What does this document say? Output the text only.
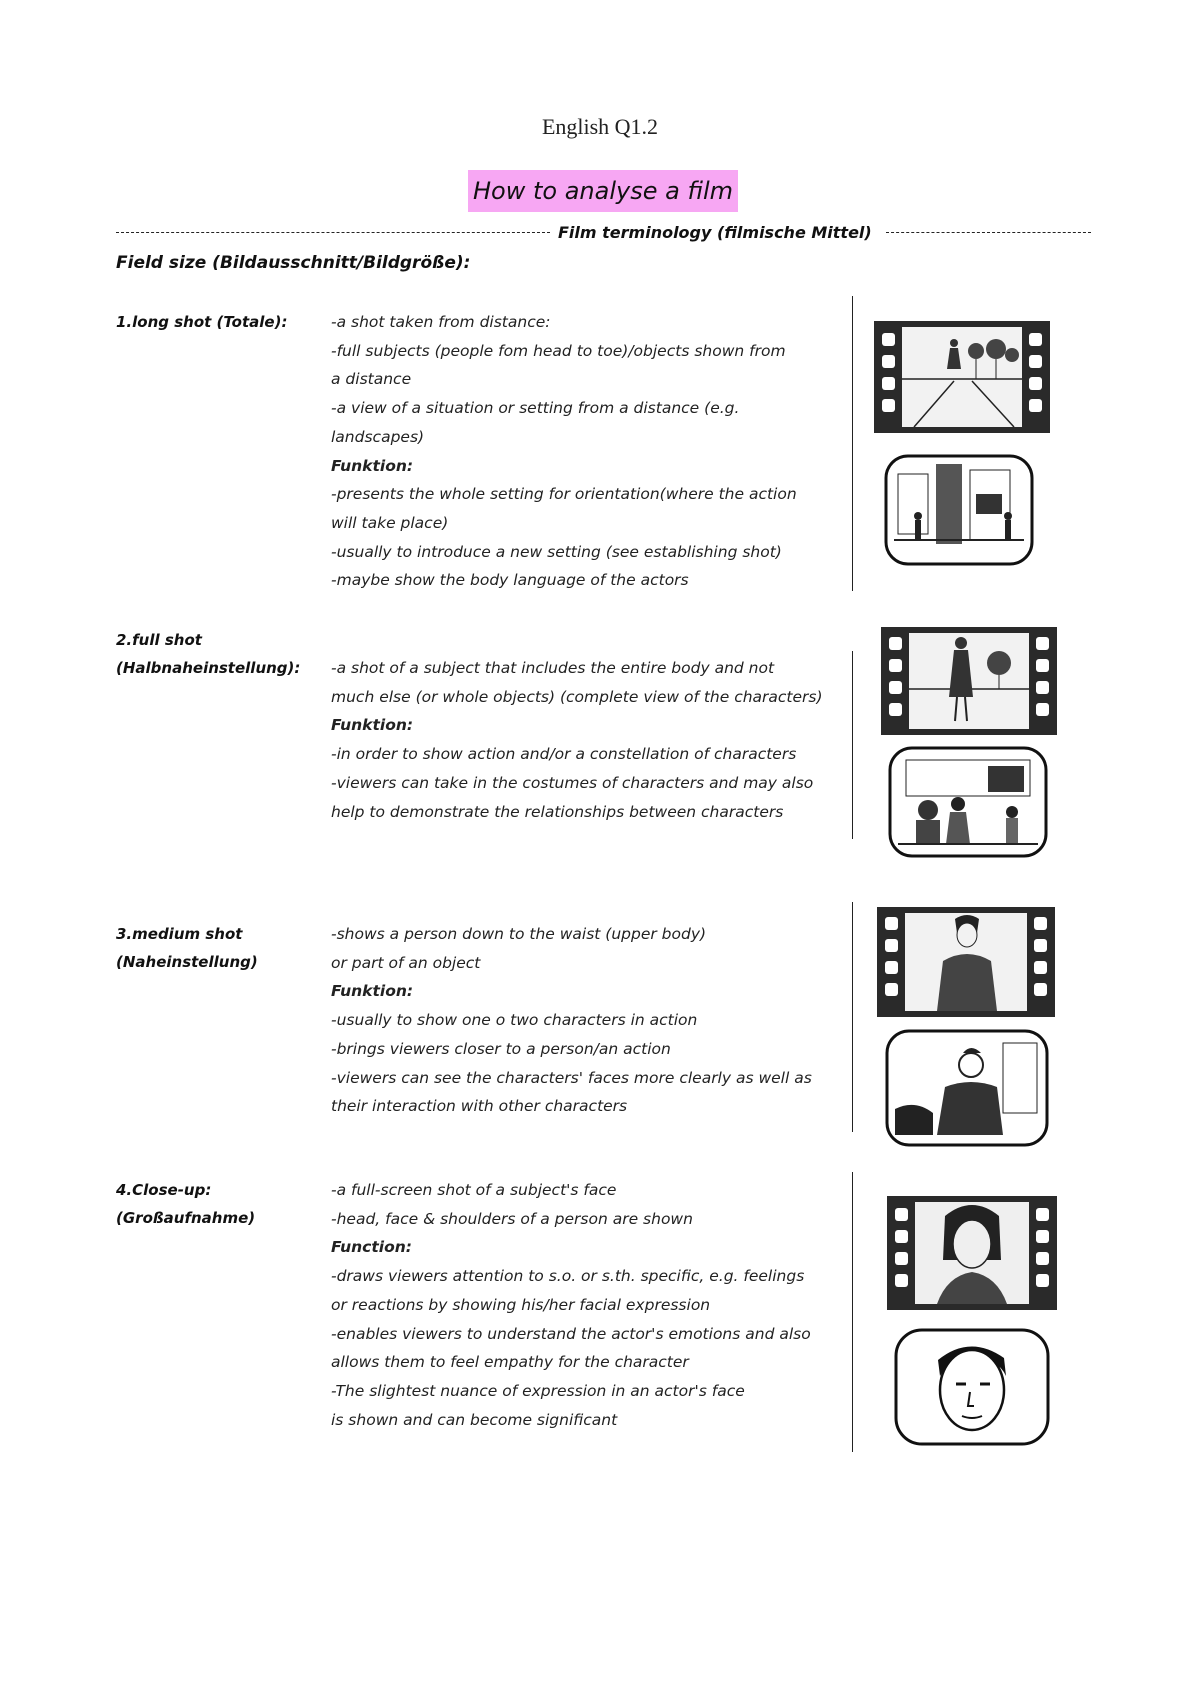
English Q1.2
How to analyse a film
Film terminology (filmische Mittel)
Field size (Bildausschnitt/Bildgröße):
1.long shot (Totale):	-a shot taken from distance:
-full subjects (people fom head to toe)/objects shown from
a distance
-a view of a situation or setting from a distance (e.g.
landscapes)
Funktion:
-presents the whole setting for orientation(where the action
will take place)
-usually to introduce a new setting (see establishing shot)
-maybe show the body language of the actors
2.full shot
(Halbnaheinstellung): -a shot of a subject that includes the entire body and not
much else (or whole objects) (complete view of the characters)
Funktion:
-in order to show action and/or a constellation of characters
-viewers can take in the costumes of characters and may also
help to demonstrate the relationships between characters
3.medium shot
(Naheinstellung)
-shows a person down to the waist (upper body)
or part of an object
Funktion:
-usually to show one o two characters in action
-brings viewers closer to a person/an action
-viewers can see the characters' faces more clearly as well as
their interaction with other characters
4.Close-up:
(Großaufnahme)
-a full-screen shot of a subject's face
-head, face & shoulders of a person are shown
Function:
-draws viewers attention to s.o. or s.th. specific, e.g. feelings
or reactions by showing his/her facial expression
-enables viewers to understand the actor's emotions and also
allows them to feel empathy for the character
-The slightest nuance of expression in an actor's face
is shown and can become significant
